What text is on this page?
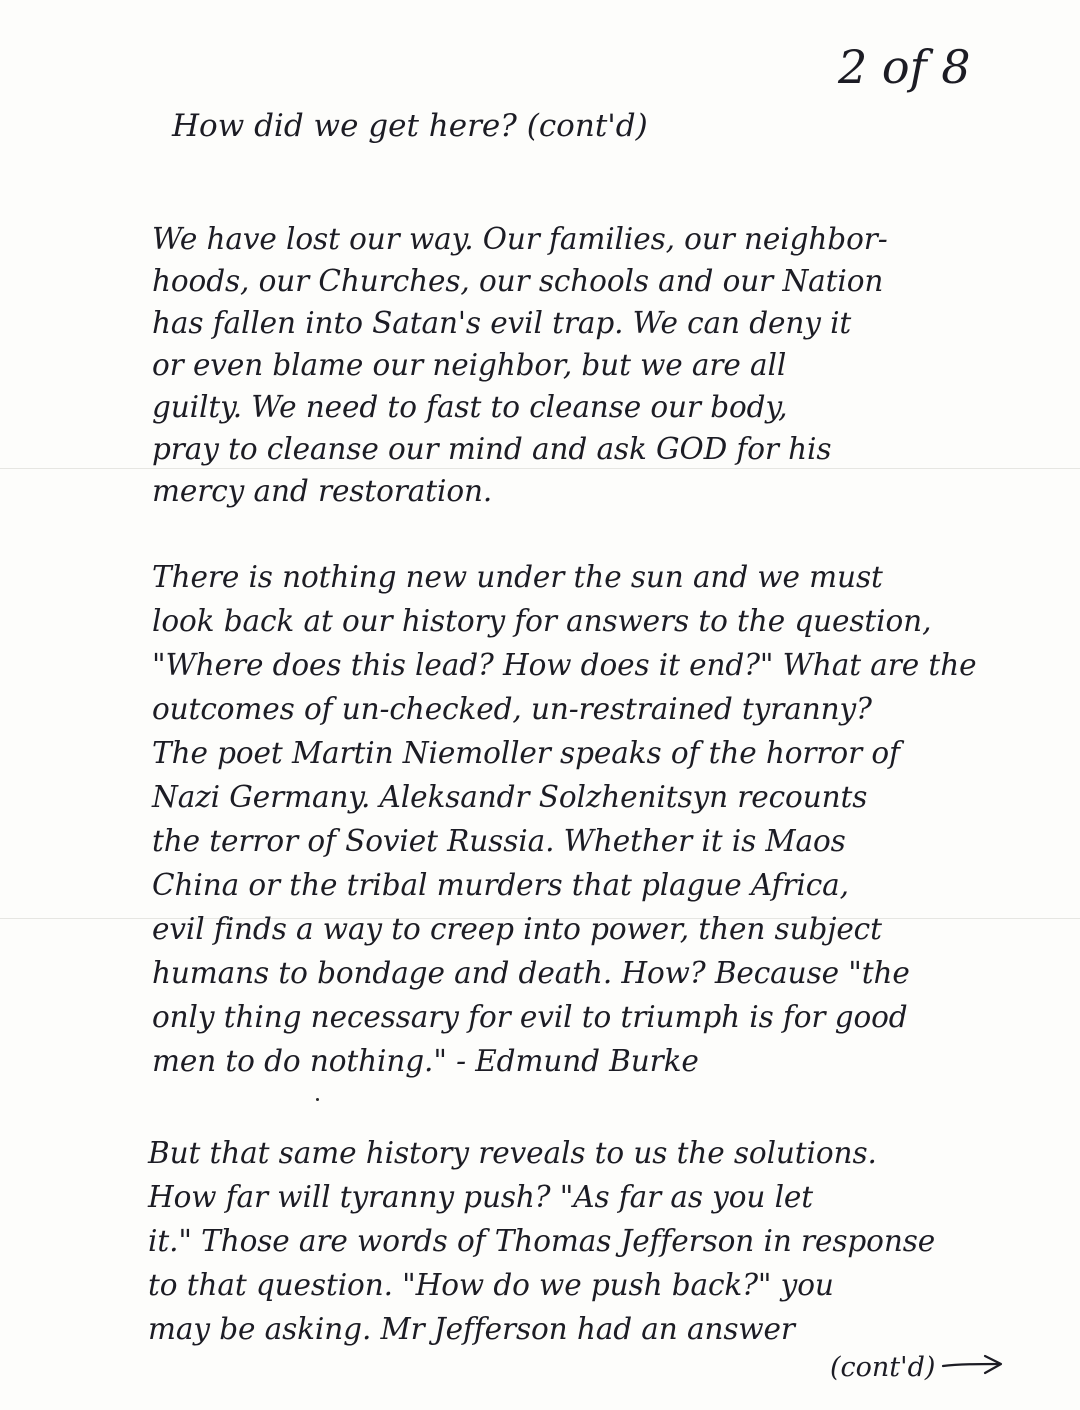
2 of 8
How did we get here? (cont'd)
We have lost our way. Our families, our neighbor-
hoods, our Churches, our schools and our Nation
has fallen into Satan's evil trap. We can deny it
or even blame our neighbor, but we are all
guilty. We need to fast to cleanse our body,
pray to cleanse our mind and ask GOD for his
mercy and restoration.
There is nothing new under the sun and we must
look back at our history for answers to the question,
"Where does this lead? How does it end?" What are the
outcomes of un-checked, un-restrained tyranny?
The poet Martin Niemoller speaks of the horror of
Nazi Germany. Aleksandr Solzhenitsyn recounts
the terror of Soviet Russia. Whether it is Maos
China or the tribal murders that plague Africa,
evil finds a way to creep into power, then subject
humans to bondage and death. How? Because "the
only thing necessary for evil to triumph is for good
men to do nothing." - Edmund Burke
But that same history reveals to us the solutions.
How far will tyranny push? "As far as you let
it." Those are words of Thomas Jefferson in response
to that question. "How do we push back?" you
may be asking. Mr Jefferson had an answer
(cont'd)
